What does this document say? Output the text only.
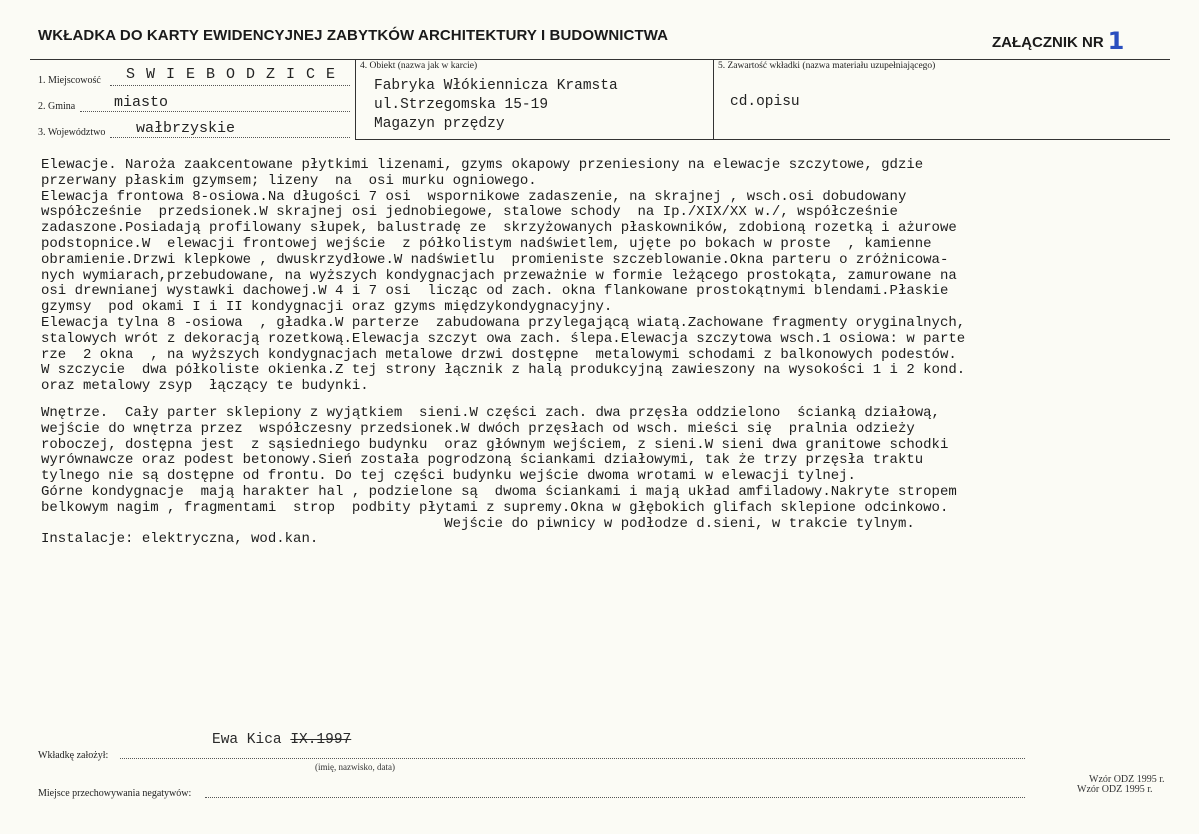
WKŁADKA DO KARTY EWIDENCYJNEJ ZABYTKÓW ARCHITEKTURY I BUDOWNICTWA	ZAŁĄCZNIK NR 1
1. Miejscowość S W I E B O D Z I C E
2. Gmina	miasto
3. Województwo wałbrzyskie
4. Obiekt (nazwa jak w karcie)
Fabryka Włókiennicza Kramsta
ul.Strzegomska 15-19
Magazyn przędzy
5. Zawartość wkładki (nazwa materiału uzupełniającego)
cd.opisu
Elewacje. Naroża zaakcentowane płytkimi lizenami, gzyms okapowy przeniesiony na elewacje szczytowe, gdzie
przerwany płaskim gzymsem; lizeny  na  osi murku ogniowego.
Elewacja frontowa 8-osiowa.Na długości 7 osi  wspornikowe zadaszenie, na skrajnej , wsch.osi dobudowany
współcześnie  przedsionek.W skrajnej osi jednobiegowe, stalowe schody  na Ip./XIX/XX w./, współcześnie
zadaszone.Posiadają profilowany słupek, balustradę ze  skrzyżowanych płaskowników, zdobioną rozetką i ażurowe
podstopnice.W  elewacji frontowej wejście  z półkolistym nadświetlem, ujęte po bokach w proste  , kamienne
obramienie.Drzwi klepkowe , dwuskrzydłowe.W nadświetlu  promieniste szczeblowanie.Okna parteru o zróżnicowa-
nych wymiarach,przebudowane, na wyższych kondygnacjach przeważnie w formie leżącego prostokąta, zamurowane na
osi drewnianej wystawki dachowej.W 4 i 7 osi  licząc od zach. okna flankowane prostokątnymi blendami.Płaskie
gzymsy  pod okami I i II kondygnacji oraz gzyms międzykondygnacyjny.
Elewacja tylna 8 -osiowa  , gładka.W parterze  zabudowana przylegającą wiatą.Zachowane fragmenty oryginalnych,
stalowych wrót z dekoracją rozetkową.Elewacja szczyt owa zach. ślepa.Elewacja szczytowa wsch.1 osiowa: w parte
rze  2 okna  , na wyższych kondygnacjach metalowe drzwi dostępne  metalowymi schodami z balkonowych podestów.
W szczycie  dwa półkoliste okienka.Z tej strony łącznik z halą produkcyjną zawieszony na wysokości 1 i 2 kond.
oraz metalowy zsyp  łączący te budynki.

Wnętrze.  Cały parter sklepiony z wyjątkiem  sieni.W części zach. dwa przęsła oddzielono  ścianką działową,
wejście do wnętrza przez  współczesny przedsionek.W dwóch przęsłach od wsch. mieści się  pralnia odzieży
roboczej, dostępna jest  z sąsiedniego budynku  oraz głównym wejściem, z sieni.W sieni dwa granitowe schodki
wyrównawcze oraz podest betonowy.Sień została pogrodzoną ściankami działowymi, tak że trzy przęsła traktu
tylnego nie są dostępne od frontu. Do tej części budynku wejście dwoma wrotami w elewacji tylnej.
Górne kondygnacje  mają harakter hal , podzielone są  dwoma ściankami i mają układ amfiladowy.Nakryte stropem
belkowym nagim , fragmentami  strop  podbity płytami z supremy.Okna w głębokich glifach sklepione odcinkowo.
Wejście do piwnicy w podłodze d.sieni, w trakcie tylnym.
Instalacje: elektryczna, wod.kan.
Wkładkę założył:
Ewa Kica IX.1997
(imię, nazwisko, data)
Miejsce przechowywania negatywów:
Wzór ODZ 1995 r.
Wzór ODZ 1995 r.
